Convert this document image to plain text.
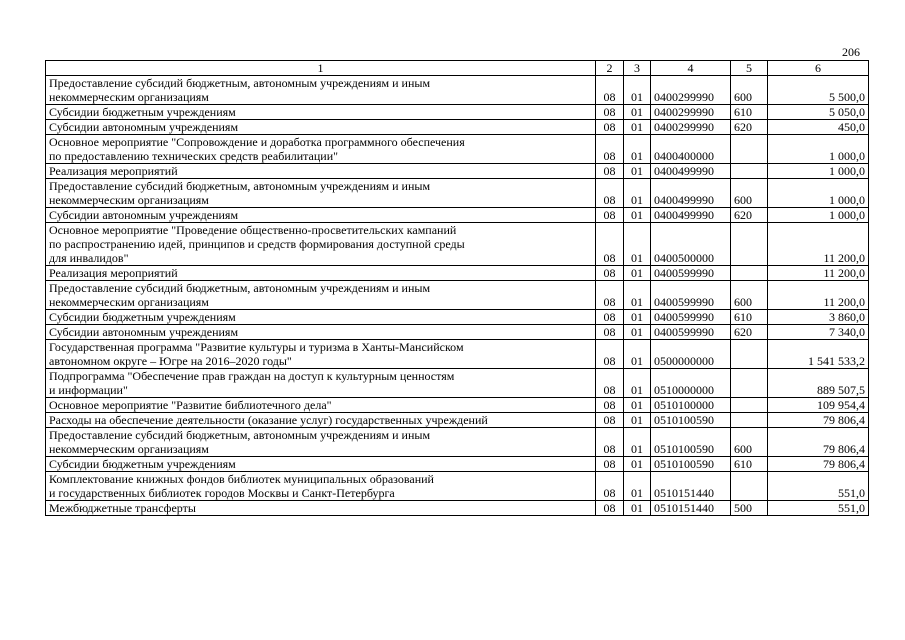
206
1	2	3	4	5	6
Предоставление субсидий бюджетным, автономным учреждениям и иным
некоммерческим организациям	08	01	0400299990	600	5 500,0
Субсидии бюджетным учреждениям	08	01	0400299990	610	5 050,0
Субсидии автономным учреждениям	08	01	0400299990	620	450,0
Основное мероприятие "Сопровождение и доработка программного обеспечения
по предоставлению технических средств реабилитации"	08	01	0400400000		1 000,0
Реализация мероприятий	08	01	0400499990		1 000,0
Предоставление субсидий бюджетным, автономным учреждениям и иным
некоммерческим организациям	08	01	0400499990	600	1 000,0
Субсидии автономным учреждениям	08	01	0400499990	620	1 000,0
Основное мероприятие "Проведение общественно-просветительских кампаний
по распространению идей, принципов и средств формирования доступной среды
для инвалидов"	08	01	0400500000		11 200,0
Реализация мероприятий	08	01	0400599990		11 200,0
Предоставление субсидий бюджетным, автономным учреждениям и иным
некоммерческим организациям	08	01	0400599990	600	11 200,0
Субсидии бюджетным учреждениям	08	01	0400599990	610	3 860,0
Субсидии автономным учреждениям	08	01	0400599990	620	7 340,0
Государственная программа "Развитие культуры и туризма в Ханты-Мансийском
автономном округе – Югре на 2016–2020 годы"	08	01	0500000000		1 541 533,2
Подпрограмма "Обеспечение прав граждан на доступ к культурным ценностям
и информации"	08	01	0510000000		889 507,5
Основное мероприятие "Развитие библиотечного дела"	08	01	0510100000		109 954,4
Расходы на обеспечение деятельности (оказание услуг) государственных учреждений	08	01	0510100590		79 806,4
Предоставление субсидий бюджетным, автономным учреждениям и иным
некоммерческим организациям	08	01	0510100590	600	79 806,4
Субсидии бюджетным учреждениям	08	01	0510100590	610	79 806,4
Комплектование книжных фондов библиотек муниципальных образований
и государственных библиотек городов Москвы и Санкт-Петербурга	08	01	0510151440		551,0
Межбюджетные трансферты	08	01	0510151440	500	551,0
